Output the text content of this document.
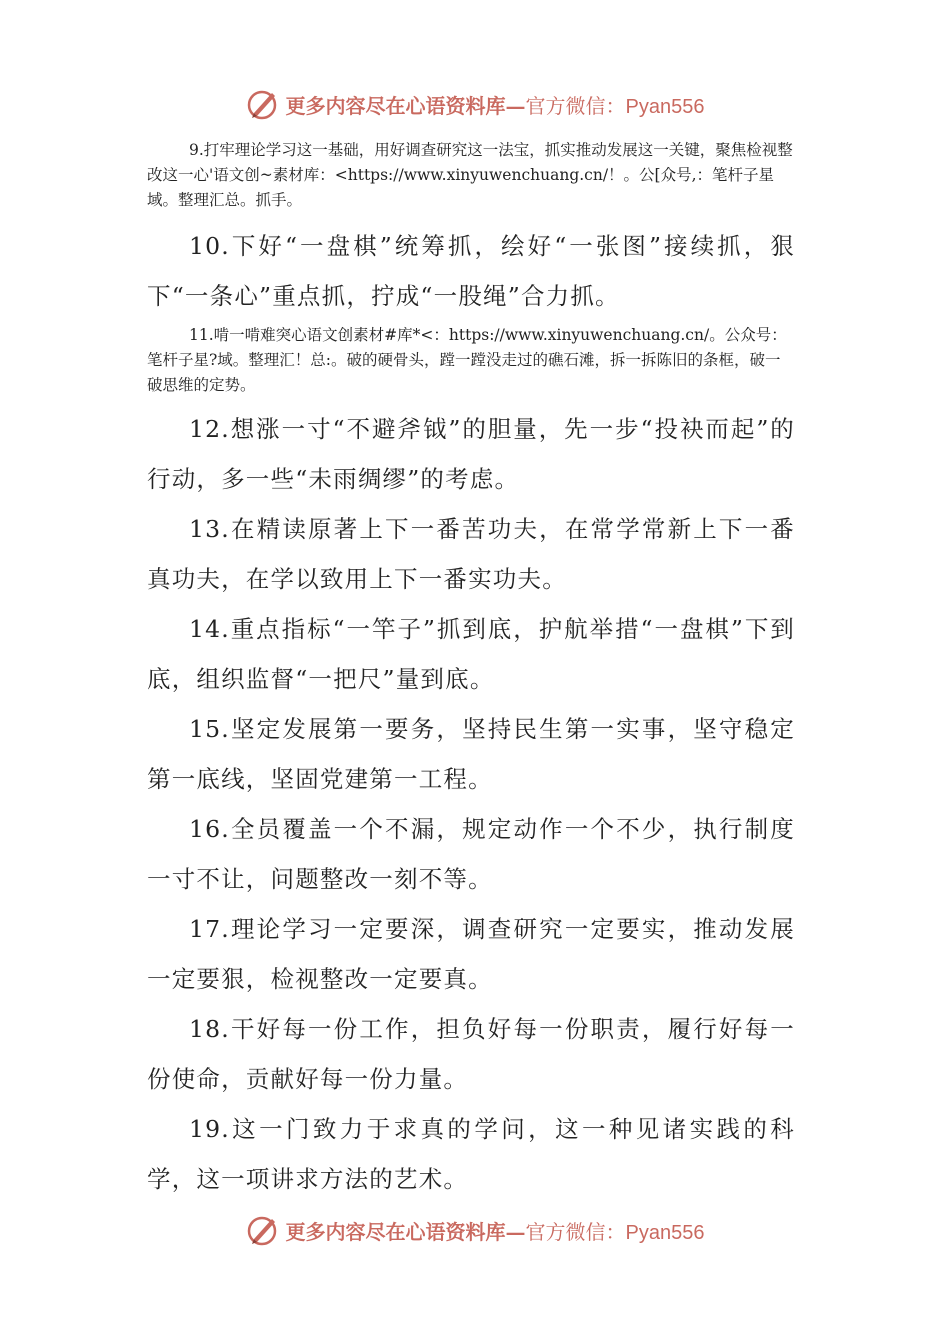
更多内容尽在心语资料库—官方微信：Pyan556

9.打牢理论学习这一基础，用好调查研究这一法宝，抓实推动发展这一关键，聚焦检视整改这一心'语文创~素材库：<https://www.xinyuwenchuang.cn/！。公[众号,：笔杆子星域。整理汇总。抓手。

10.下好“一盘棋”统筹抓，绘好“一张图”接续抓，狠下“一条心”重点抓，拧成“一股绳”合力抓。

11.啃一啃难突心语文创素材#库*<：https://www.xinyuwenchuang.cn/。公众号：笔杆子星?域。整理汇！总:。破的硬骨头，蹚一蹚没走过的礁石滩，拆一拆陈旧的条框，破一破思维的定势。

12.想涨一寸“不避斧钺”的胆量，先一步“投袂而起”的行动，多一些“未雨绸缪”的考虑。

13.在精读原著上下一番苦功夫，在常学常新上下一番真功夫，在学以致用上下一番实功夫。

14.重点指标“一竿子”抓到底，护航举措“一盘棋”下到底，组织监督“一把尺”量到底。

15.坚定发展第一要务，坚持民生第一实事，坚守稳定第一底线，坚固党建第一工程。

16.全员覆盖一个不漏，规定动作一个不少，执行制度一寸不让，问题整改一刻不等。

17.理论学习一定要深，调查研究一定要实，推动发展一定要狠，检视整改一定要真。

18.干好每一份工作，担负好每一份职责，履行好每一份使命，贡献好每一份力量。

19.这一门致力于求真的学问，这一种见诸实践的科学，这一项讲求方法的艺术。

更多内容尽在心语资料库—官方微信：Pyan556
